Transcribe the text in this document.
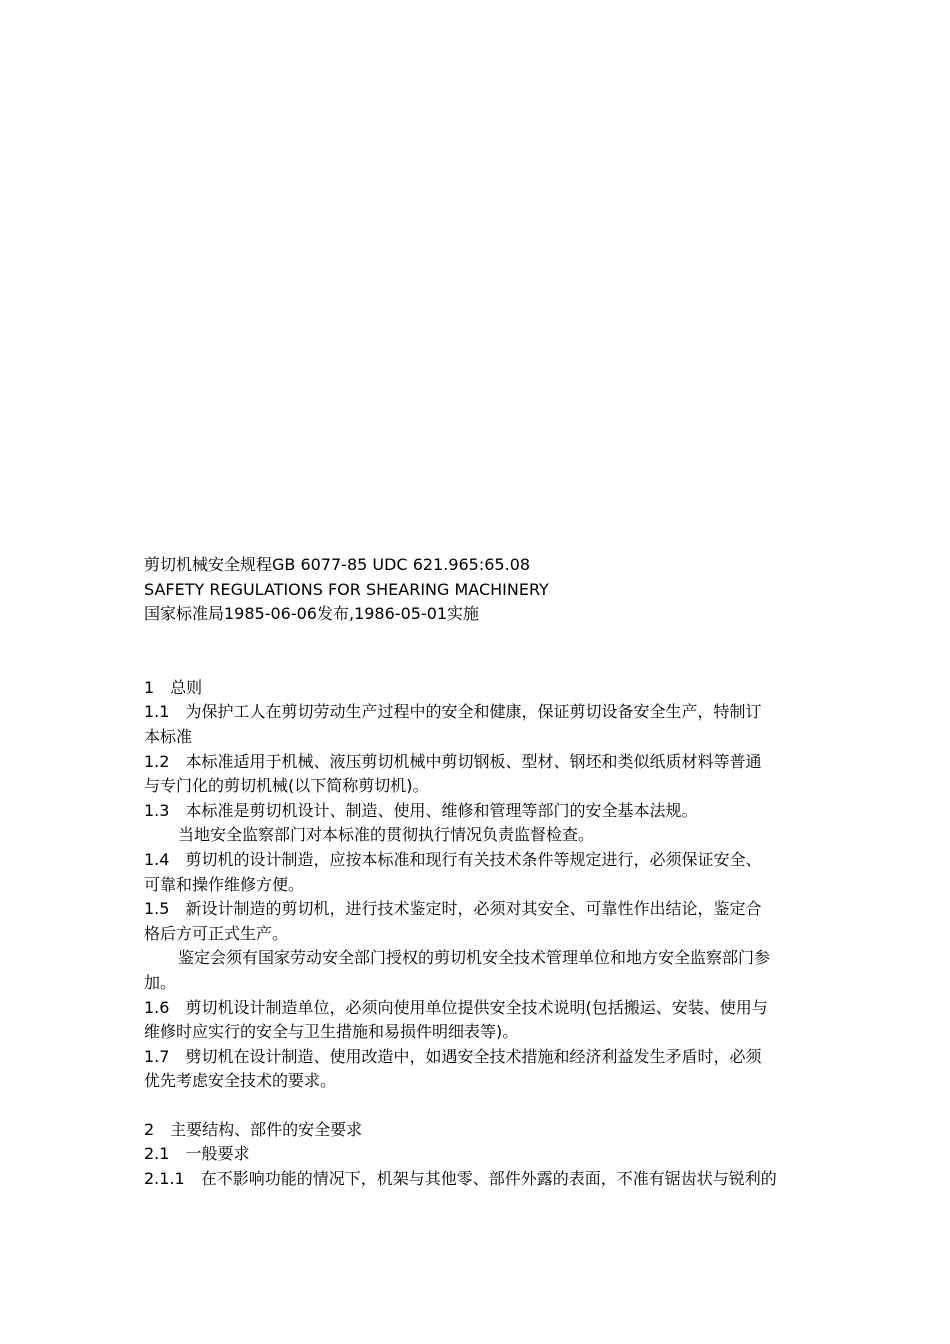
剪切机械安全规程GB 6077-85 UDC 621.965:65.08
SAFETY REGULATIONS FOR SHEARING MACHINERY
国家标准局1985-06-06发布,1986-05-01实施
1　总则
1.1　为保护工人在剪切劳动生产过程中的安全和健康，保证剪切设备安全生产，特制订
本标准
1.2　本标准适用于机械、液压剪切机械中剪切钢板、型材、钢坯和类似纸质材料等普通
与专门化的剪切机械(以下简称剪切机)。
1.3　本标准是剪切机设计、制造、使用、维修和管理等部门的安全基本法规。
当地安全监察部门对本标准的贯彻执行情况负责监督检查。
1.4　剪切机的设计制造，应按本标准和现行有关技术条件等规定进行，必须保证安全、
可靠和操作维修方便。
1.5　新设计制造的剪切机，进行技术鉴定时，必须对其安全、可靠性作出结论，鉴定合
格后方可正式生产。
鉴定会须有国家劳动安全部门授权的剪切机安全技术管理单位和地方安全监察部门参
加。
1.6　剪切机设计制造单位，必须向使用单位提供安全技术说明(包括搬运、安装、使用与
维修时应实行的安全与卫生措施和易损件明细表等)。
1.7　劈切机在设计制造、使用改造中，如遇安全技术措施和经济利益发生矛盾时，必须
优先考虑安全技术的要求。
2　主要结构、部件的安全要求
2.1　一般要求
2.1.1　在不影响功能的情况下，机架与其他零、部件外露的表面，不准有锯齿状与锐利的
